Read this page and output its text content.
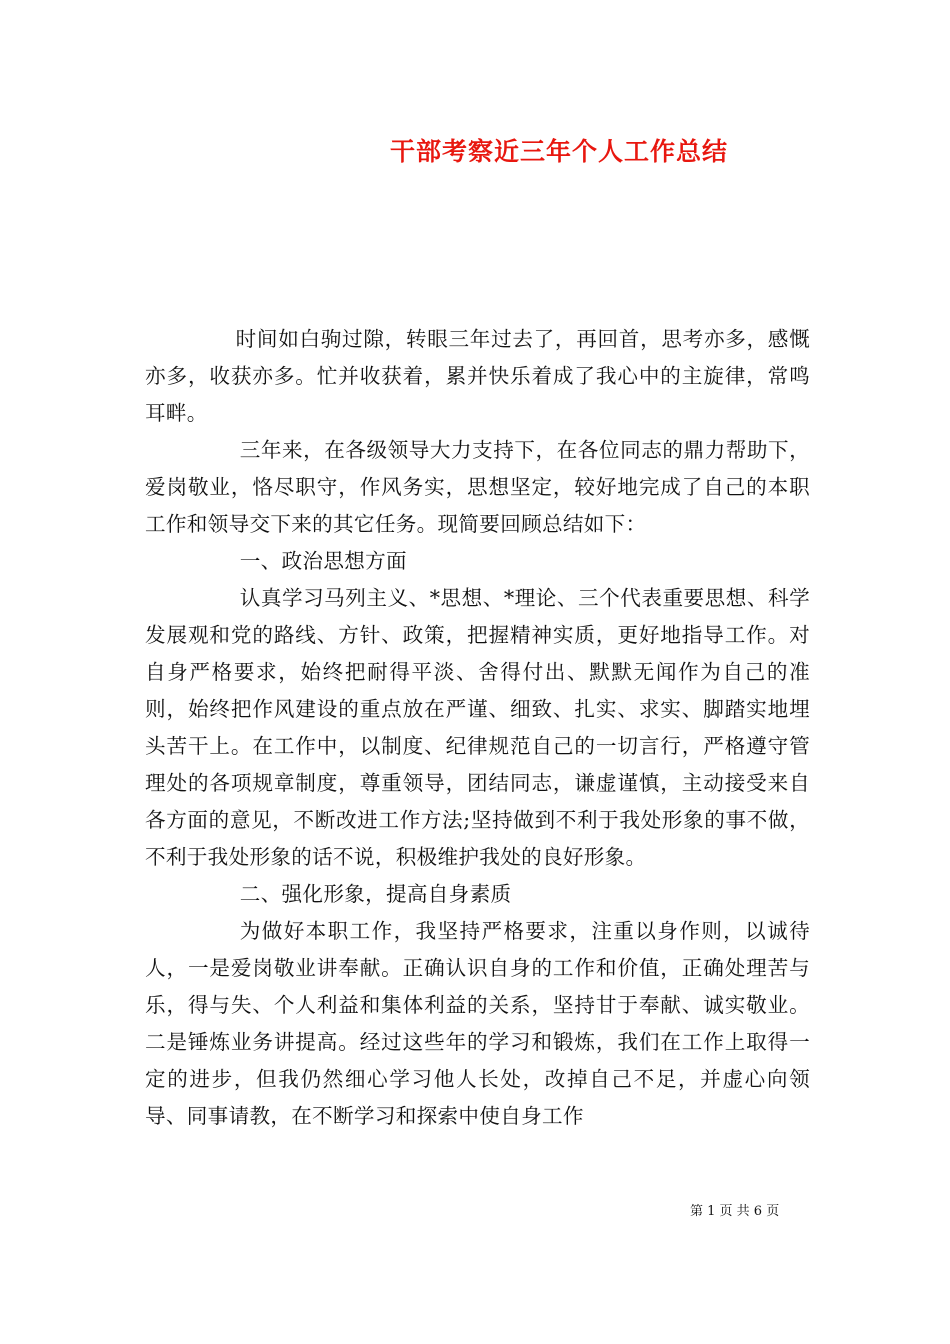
干部考察近三年个人工作总结

时间如白驹过隙，转眼三年过去了，再回首，思考亦多，感慨亦多，收获亦多。忙并收获着，累并快乐着成了我心中的主旋律，常鸣耳畔。

三年来，在各级领导大力支持下，在各位同志的鼎力帮助下，爱岗敬业，恪尽职守，作风务实，思想坚定，较好地完成了自己的本职工作和领导交下来的其它任务。现简要回顾总结如下：

一、政治思想方面

认真学习马列主义、*思想、*理论、三个代表重要思想、科学发展观和党的路线、方针、政策，把握精神实质，更好地指导工作。对自身严格要求，始终把耐得平淡、舍得付出、默默无闻作为自己的准则，始终把作风建设的重点放在严谨、细致、扎实、求实、脚踏实地埋头苦干上。在工作中，以制度、纪律规范自己的一切言行，严格遵守管理处的各项规章制度，尊重领导，团结同志，谦虚谨慎，主动接受来自各方面的意见，不断改进工作方法;坚持做到不利于我处形象的事不做，不利于我处形象的话不说，积极维护我处的良好形象。

二、强化形象，提高自身素质

为做好本职工作，我坚持严格要求，注重以身作则，以诚待人，一是爱岗敬业讲奉献。正确认识自身的工作和价值，正确处理苦与乐，得与失、个人利益和集体利益的关系，坚持甘于奉献、诚实敬业。二是锤炼业务讲提高。经过这些年的学习和锻炼，我们在工作上取得一定的进步，但我仍然细心学习他人长处，改掉自己不足，并虚心向领导、同事请教，在不断学习和探索中使自身工作

第 1 页 共 6 页
